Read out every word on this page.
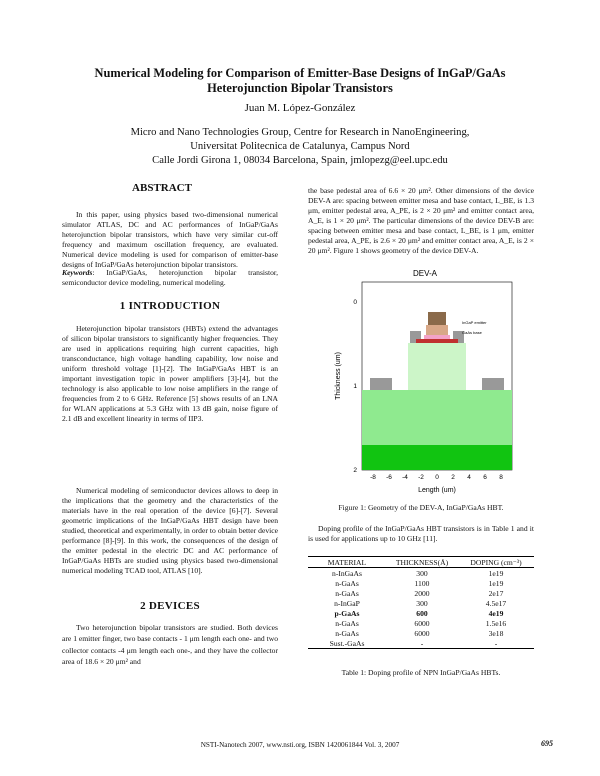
Numerical Modeling for Comparison of Emitter-Base Designs of InGaP/GaAs
Heterojunction Bipolar Transistors
Juan M. López-González
Micro and Nano Technologies Group, Centre for Research in NanoEngineering,
Universitat Politecnica de Catalunya, Campus Nord
Calle Jordi Girona 1, 08034 Barcelona, Spain, jmlopezg@eel.upc.edu
ABSTRACT
In this paper, using physics based two-dimensional numerical simulator ATLAS, DC and AC performances of InGaP/GaAs heterojunction bipolar transistors, which have very similar cut-off frequency and maximum oscillation frequency, are evaluated. Numerical device modeling is used for comparison of emitter-base designs of InGaP/GaAs heterojunction bipolar transistors.
Keywords: InGaP/GaAs, heterojunction bipolar transistor, semiconductor device modeling, numerical modeling.
1 INTRODUCTION
Heterojunction bipolar transistors (HBTs) extend the advantages of silicon bipolar transistors to significantly higher frequencies. They are used in applications requiring high current capacities, high transconductance, high voltage handling capability, low noise and uniform threshold voltage [1]-[2]. The InGaP/GaAs HBT is an important investigation topic in power amplifiers [3]-[4], but the technology is also applicable to low noise amplifiers in the range of frequencies from 2 to 6 GHz. Reference [5] shows results of an LNA for WLAN applications at 5.3 GHz with 13 dB gain, noise figure of 2.1 dB and excellent linearity in terms of IIP3.
Numerical modeling of semiconductor devices allows to deep in the implications that the geometry and the characteristics of the materials have in the real operation of the device [6]-[7]. Several geometric implications of the InGaP/GaAs HBT design have been studied, theoretical and experimentally, in order to obtain better device performance [8]-[9]. In this work, the consequences of the design of the emitter pedestal in the electric DC and AC performance of InGaP/GaAs HBTs are studied using physics based two-dimensional numerical modeling TCAD tool, ATLAS [10].
2 DEVICES
Two heterojunction bipolar transistors are studied. Both devices are 1 emitter finger, two base contacts - 1 μm length each one- and two collector contacts -4 μm length each one-, and they have the collector area of 18.6 × 20 μm² and
the base pedestal area of 6.6 × 20 μm². Other dimensions of the device DEV-A are: spacing between emitter mesa and base contact, L_BE, is 1.3 μm, emitter pedestal area, A_PE, is 2 × 20 μm² and emitter contact area, A_E, is 1 × 20 μm². The particular dimensions of the device DEV-B are: spacing between emitter mesa and base contact, L_BE, is 1 μm, emitter pedestal area, A_PE, is 2.6 × 20 μm² and emitter contact area, A_E, is 2 × 20 μm². Figure 1 shows geometry of the device DEV-A.
DEV-A
InGaP emitter
GaAs base
0
1
2
Thickness (um)
-8 -6 -4 -2 0 2 4 6 8
Length (um)
Figure 1: Geometry of the DEV-A, InGaP/GaAs HBT.
Doping profile of the InGaP/GaAs HBT transistors is in Table 1 and it is used for applications up to 10 GHz [11].
MATERIAL	THICKNESS(Å)	DOPING (cm⁻³)
n-InGaAs	300	1e19
n-GaAs	1100	1e19
n-GaAs	2000	2e17
n-InGaP	300	4.5e17
p-GaAs	600	4e19
n-GaAs	6000	1.5e16
n-GaAs	6000	3e18
Sust.-GaAs	-	-
Table 1: Doping profile of NPN InGaP/GaAs HBTs.
NSTI-Nanotech 2007, www.nsti.org, ISBN 1420061844 Vol. 3, 2007	695
